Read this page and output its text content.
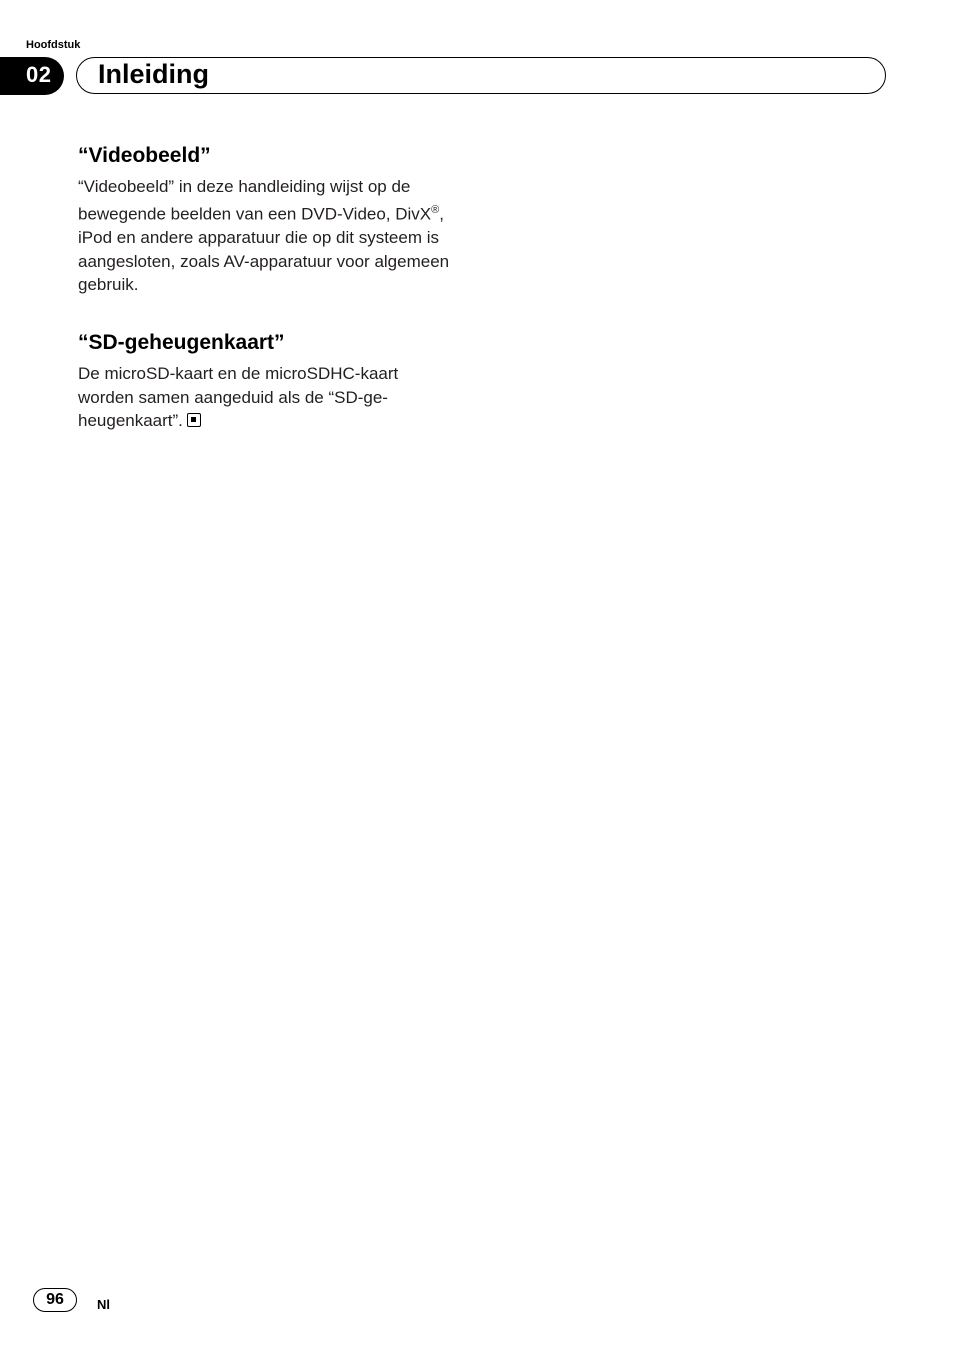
Hoofdstuk
02 Inleiding
“Videobeeld”

“Videobeeld” in deze handleiding wijst op de bewegende beelden van een DVD-Video, DivX®, iPod en andere apparatuur die op dit systeem is aangesloten, zoals AV-apparatuur voor algemeen gebruik.

“SD-geheugenkaart”

De microSD-kaart en de microSDHC-kaart worden samen aangeduid als de “SD-ge-heugenkaart”.

96	Nl
